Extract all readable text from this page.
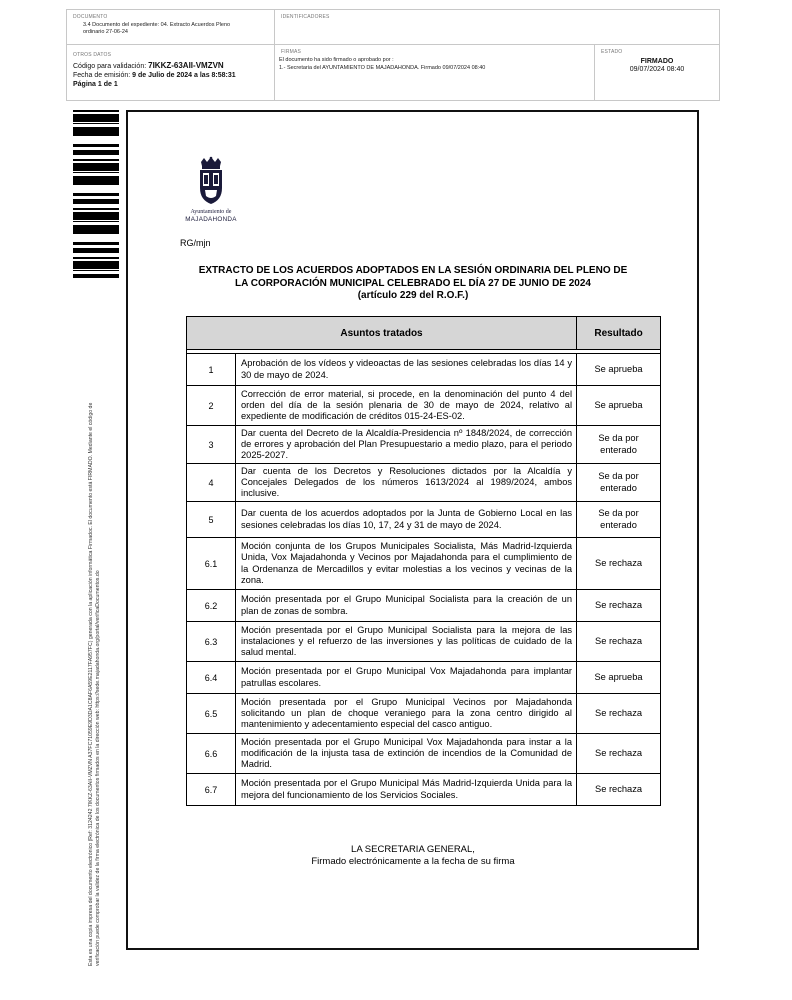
DOCUMENTO
3.4 Documento del expediente: 04. Extracto Acuerdos Pleno ordinario 27-06-24
IDENTIFICADORES
OTROS DATOS
Código para validación: 7IKKZ-63AII-VMZVN
Fecha de emisión: 9 de Julio de 2024 a las 8:58:31
Página 1 de 1
FIRMAS
El documento ha sido firmado o aprobado por :
1.- Secretaria del AYUNTAMIENTO DE MAJADAHONDA. Firmado 09/07/2024 08:40
ESTADO
FIRMADO
09/07/2024 08:40
Esta es una copia impresa del documento electrónico (Ref: 3124242 7IKKZ-63AII-VMZVN A37FC71059E9D3DA1C8AF6A59E2117FA957FC) generada con la aplicación informática Firmadoc. El documento está FIRMADO. Mediante el código de verificación puede comprobar la validez de la firma electrónica de los documentos firmados en la dirección web: https://sede.majadahonda.org/portal/verificaDocumentos.do
Ayuntamiento de
MAJADAHONDA
RG/mjn
EXTRACTO DE LOS ACUERDOS ADOPTADOS EN LA SESIÓN ORDINARIA DEL PLENO DE
LA CORPORACIÓN MUNICIPAL CELEBRADO EL DÍA 27 DE JUNIO DE 2024
(artículo 229 del R.O.F.)
Asuntos tratados		Resultado

1	Aprobación de los vídeos y videoactas de las sesiones celebradas los días 14 y 30 de mayo de 2024.	Se aprueba
2	Corrección de error material, si procede, en la denominación del punto 4 del orden del día de la sesión plenaria de 30 de mayo de 2024, relativo al expediente de modificación de créditos 015-24-ES-02.	Se aprueba
3	Dar cuenta del Decreto de la Alcaldía-Presidencia nº 1848/2024, de corrección de errores y aprobación del Plan Presupuestario a medio plazo, para el periodo 2025-2027.	Se da por enterado
4	Dar cuenta de los Decretos y Resoluciones dictados por la Alcaldía y Concejales Delegados de los números 1613/2024 al 1989/2024, ambos inclusive.	Se da por enterado
5	Dar cuenta de los acuerdos adoptados por la Junta de Gobierno Local en las sesiones celebradas los días 10, 17, 24 y 31 de mayo de 2024.	Se da por enterado
6.1	Moción conjunta de los Grupos Municipales Socialista, Más Madrid-Izquierda Unida, Vox Majadahonda y Vecinos por Majadahonda para el cumplimiento de la Ordenanza de Mercadillos y evitar molestias a los vecinos y vecinas de la zona.	Se rechaza
6.2	Moción presentada por el Grupo Municipal Socialista para la creación de un plan de zonas de sombra.	Se rechaza
6.3	Moción presentada por el Grupo Municipal Socialista para la mejora de las instalaciones y el refuerzo de las inversiones y las políticas de cuidado de la salud mental.	Se rechaza
6.4	Moción presentada por el Grupo Municipal Vox Majadahonda para implantar patrullas escolares.	Se aprueba
6.5	Moción presentada por el Grupo Municipal Vecinos por Majadahonda solicitando un plan de choque veraniego para la zona centro dirigido al mantenimiento y adecentamiento especial del casco antiguo.	Se rechaza
6.6	Moción presentada por el Grupo Municipal Vox Majadahonda para instar a la modificación de la injusta tasa de extinción de incendios de la Comunidad de Madrid.	Se rechaza
6.7	Moción presentada por el Grupo Municipal Más Madrid-Izquierda Unida para la mejora del funcionamiento de los Servicios Sociales.	Se rechaza
LA SECRETARIA GENERAL,
Firmado electrónicamente a la fecha de su firma
